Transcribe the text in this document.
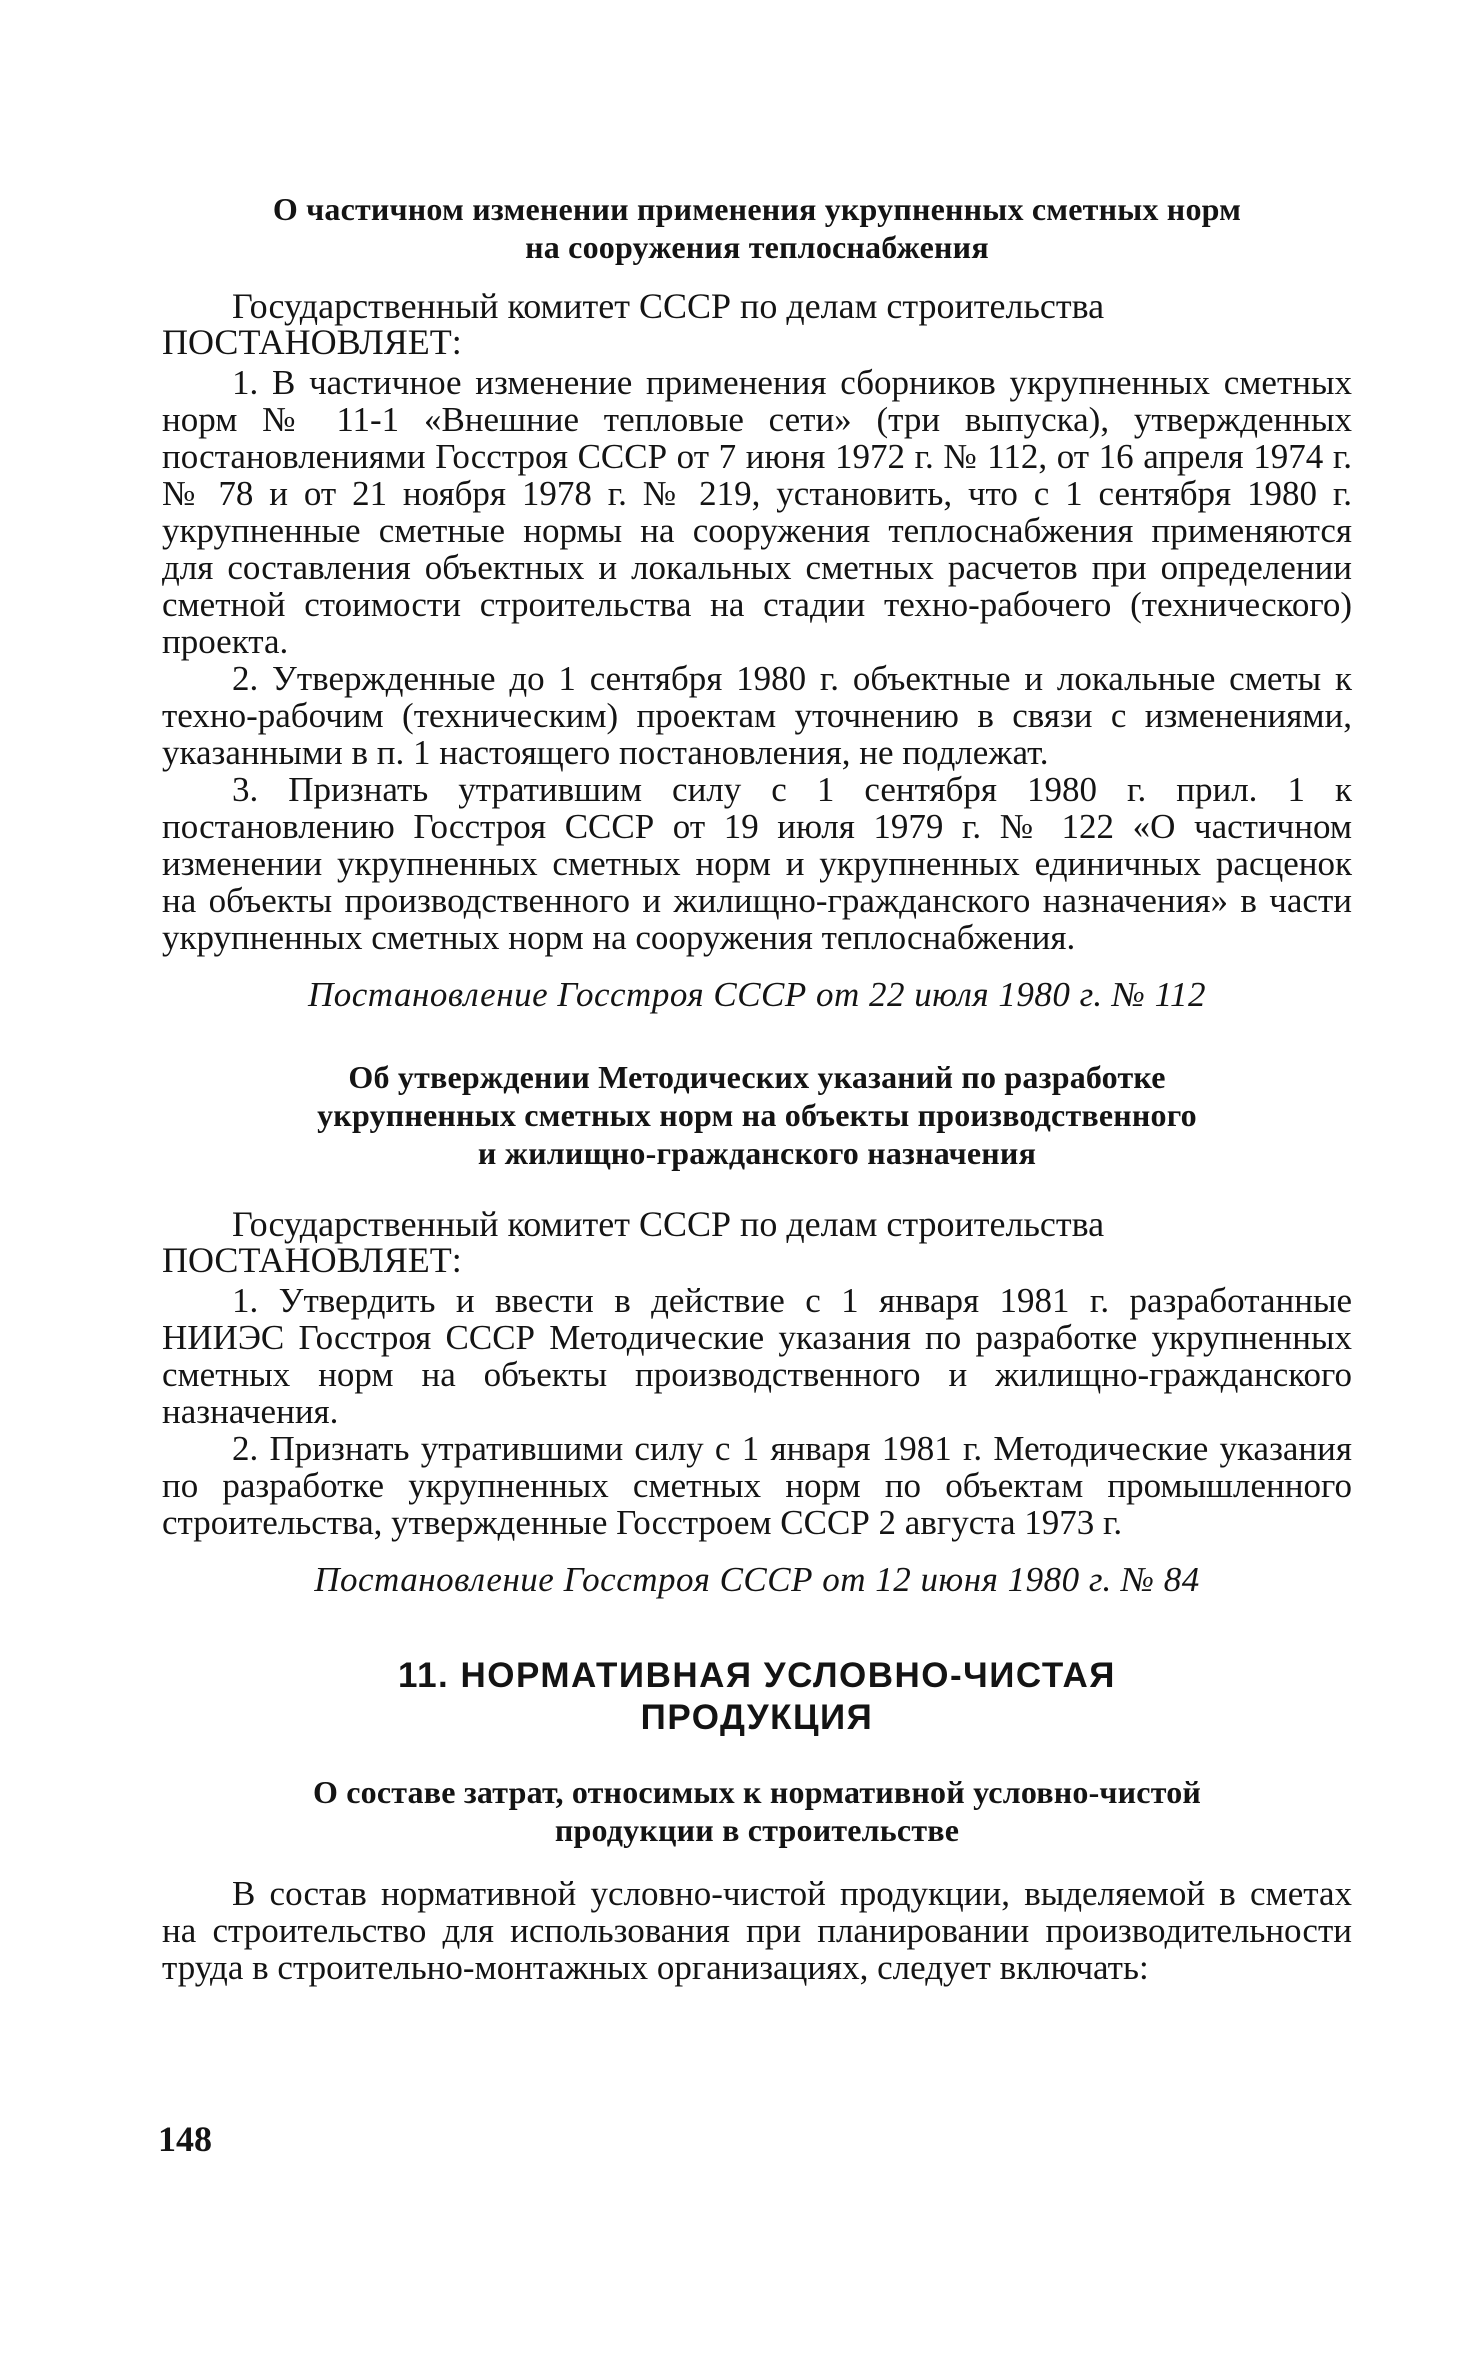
О частичном изменении применения укрупненных сметных норм
на сооружения теплоснабжения
Государственный комитет СССР по делам строительства
ПОСТАНОВЛЯЕТ:

1. В частичное изменение применения сборников укрупненных сметных норм № 11-1 «Внешние тепловые сети» (три выпуска), утвержденных постановлениями Госстроя СССР от 7 июня 1972 г. № 112, от 16 апреля 1974 г. № 78 и от 21 ноября 1978 г. № 219, установить, что с 1 сентября 1980 г. укрупненные сметные нормы на сооружения теплоснабжения применяются для составления объектных и локальных сметных расчетов при определении сметной стоимости строительства на стадии техно-рабочего (технического) проекта.

2. Утвержденные до 1 сентября 1980 г. объектные и локальные сметы к техно-рабочим (техническим) проектам уточнению в связи с изменениями, указанными в п. 1 настоящего постановления, не подлежат.

3. Признать утратившим силу с 1 сентября 1980 г. прил. 1 к постановлению Госстроя СССР от 19 июля 1979 г. № 122 «О частичном изменении укрупненных сметных норм и укрупненных единичных расценок на объекты производственного и жилищно-гражданского назначения» в части укрупненных сметных норм на сооружения теплоснабжения.

Постановление Госстроя СССР от 22 июля 1980 г. № 112
Об утверждении Методических указаний по разработке
укрупненных сметных норм на объекты производственного
и жилищно-гражданского назначения
Государственный комитет СССР по делам строительства
ПОСТАНОВЛЯЕТ:

1. Утвердить и ввести в действие с 1 января 1981 г. разработанные НИИЭС Госстроя СССР Методические указания по разработке укрупненных сметных норм на объекты производственного и жилищно-гражданского назначения.

2. Признать утратившими силу с 1 января 1981 г. Методические указания по разработке укрупненных сметных норм по объектам промышленного строительства, утвержденные Госстроем СССР 2 августа 1973 г.

Постановление Госстроя СССР от 12 июня 1980 г. № 84
11. НОРМАТИВНАЯ УСЛОВНО-ЧИСТАЯ
ПРОДУКЦИЯ
О составе затрат, относимых к нормативной условно-чистой
продукции в строительстве

В состав нормативной условно-чистой продукции, выделяемой в сметах на строительство для использования при планировании производительности труда в строительно-монтажных организациях, следует включать:

148
